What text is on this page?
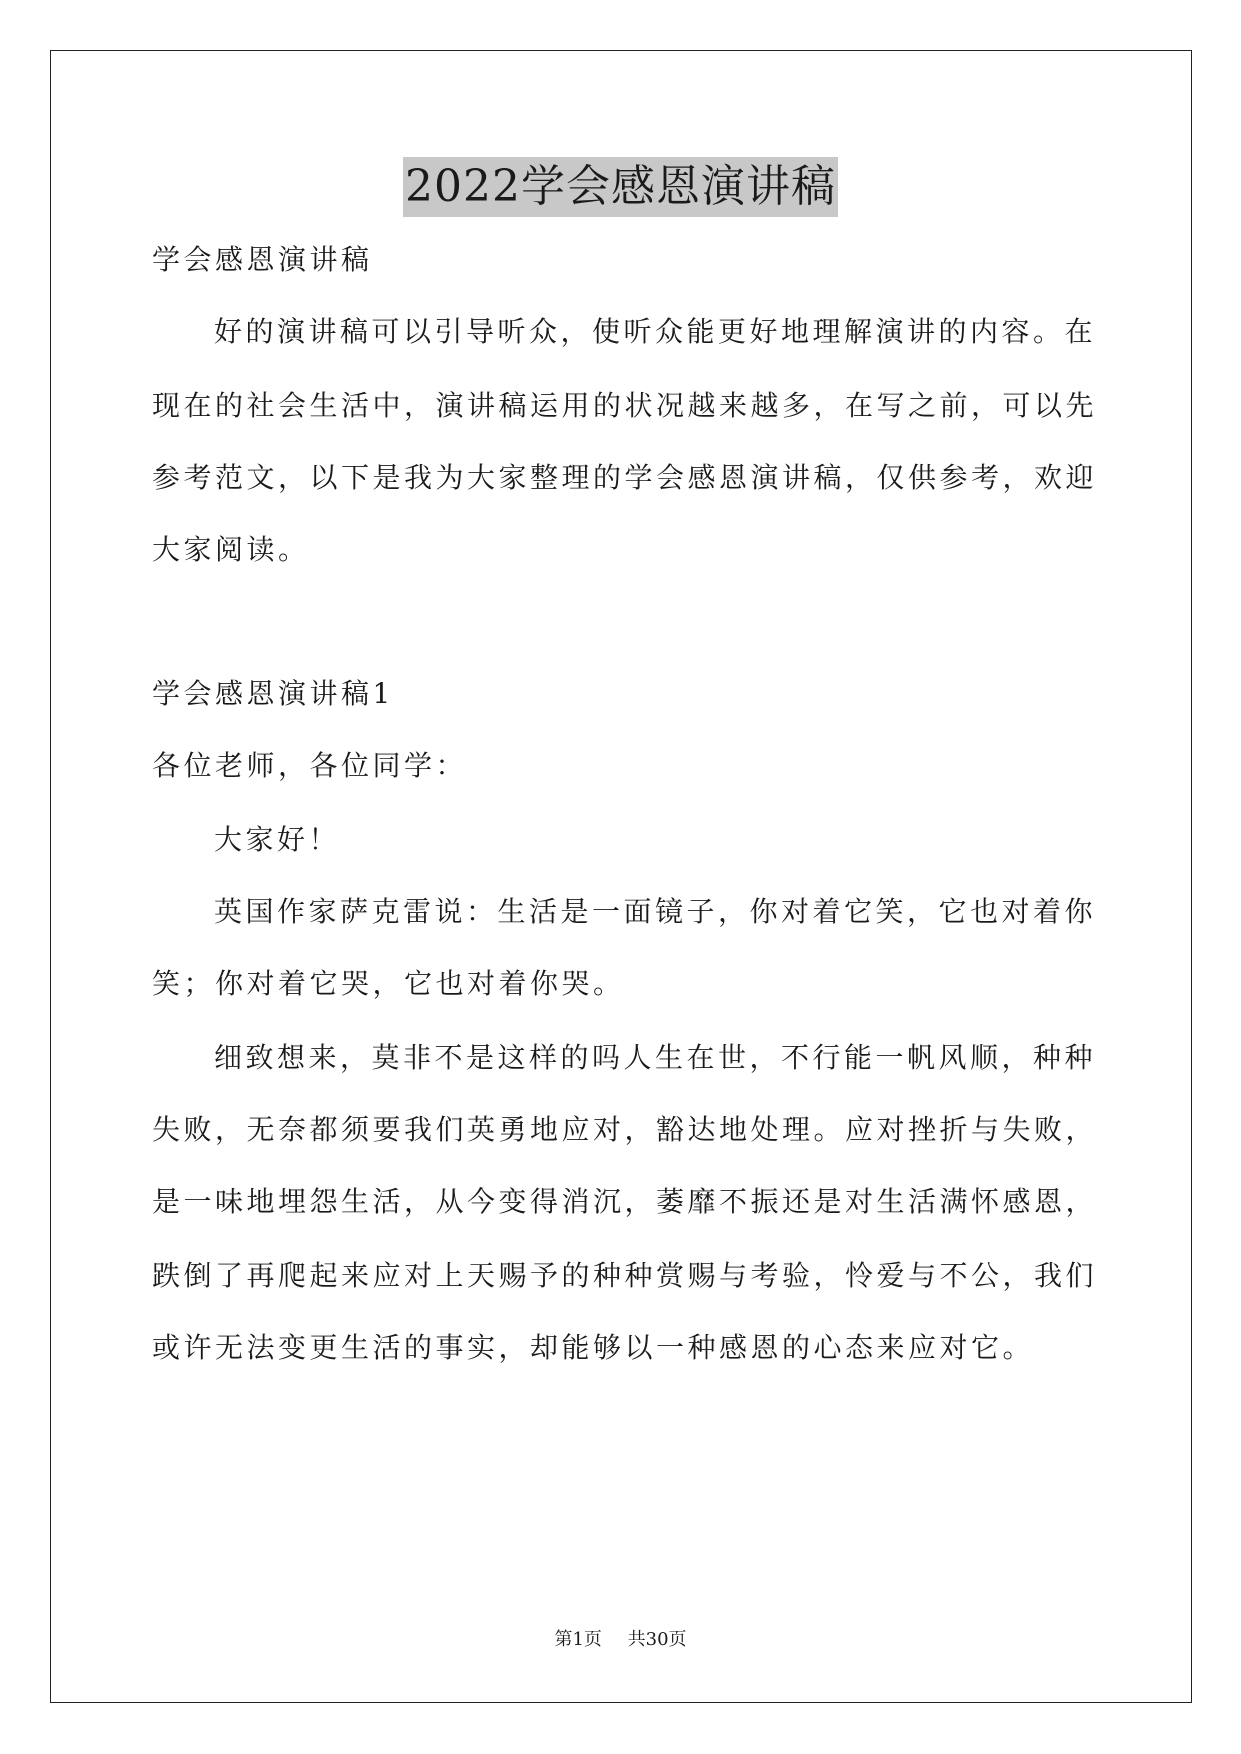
2022学会感恩演讲稿
学会感恩演讲稿
好的演讲稿可以引导听众，使听众能更好地理解演讲的内容。在
现在的社会生活中，演讲稿运用的状况越来越多，在写之前，可以先
参考范文，以下是我为大家整理的学会感恩演讲稿，仅供参考，欢迎
大家阅读。
学会感恩演讲稿1
各位老师，各位同学：
大家好！
英国作家萨克雷说：生活是一面镜子，你对着它笑，它也对着你
笑；你对着它哭，它也对着你哭。
细致想来，莫非不是这样的吗人生在世，不行能一帆风顺，种种
失败，无奈都须要我们英勇地应对，豁达地处理。应对挫折与失败，
是一味地埋怨生活，从今变得消沉，萎靡不振还是对生活满怀感恩，
跌倒了再爬起来应对上天赐予的种种赏赐与考验，怜爱与不公，我们
或许无法变更生活的事实，却能够以一种感恩的心态来应对它。
第1页 共30页
